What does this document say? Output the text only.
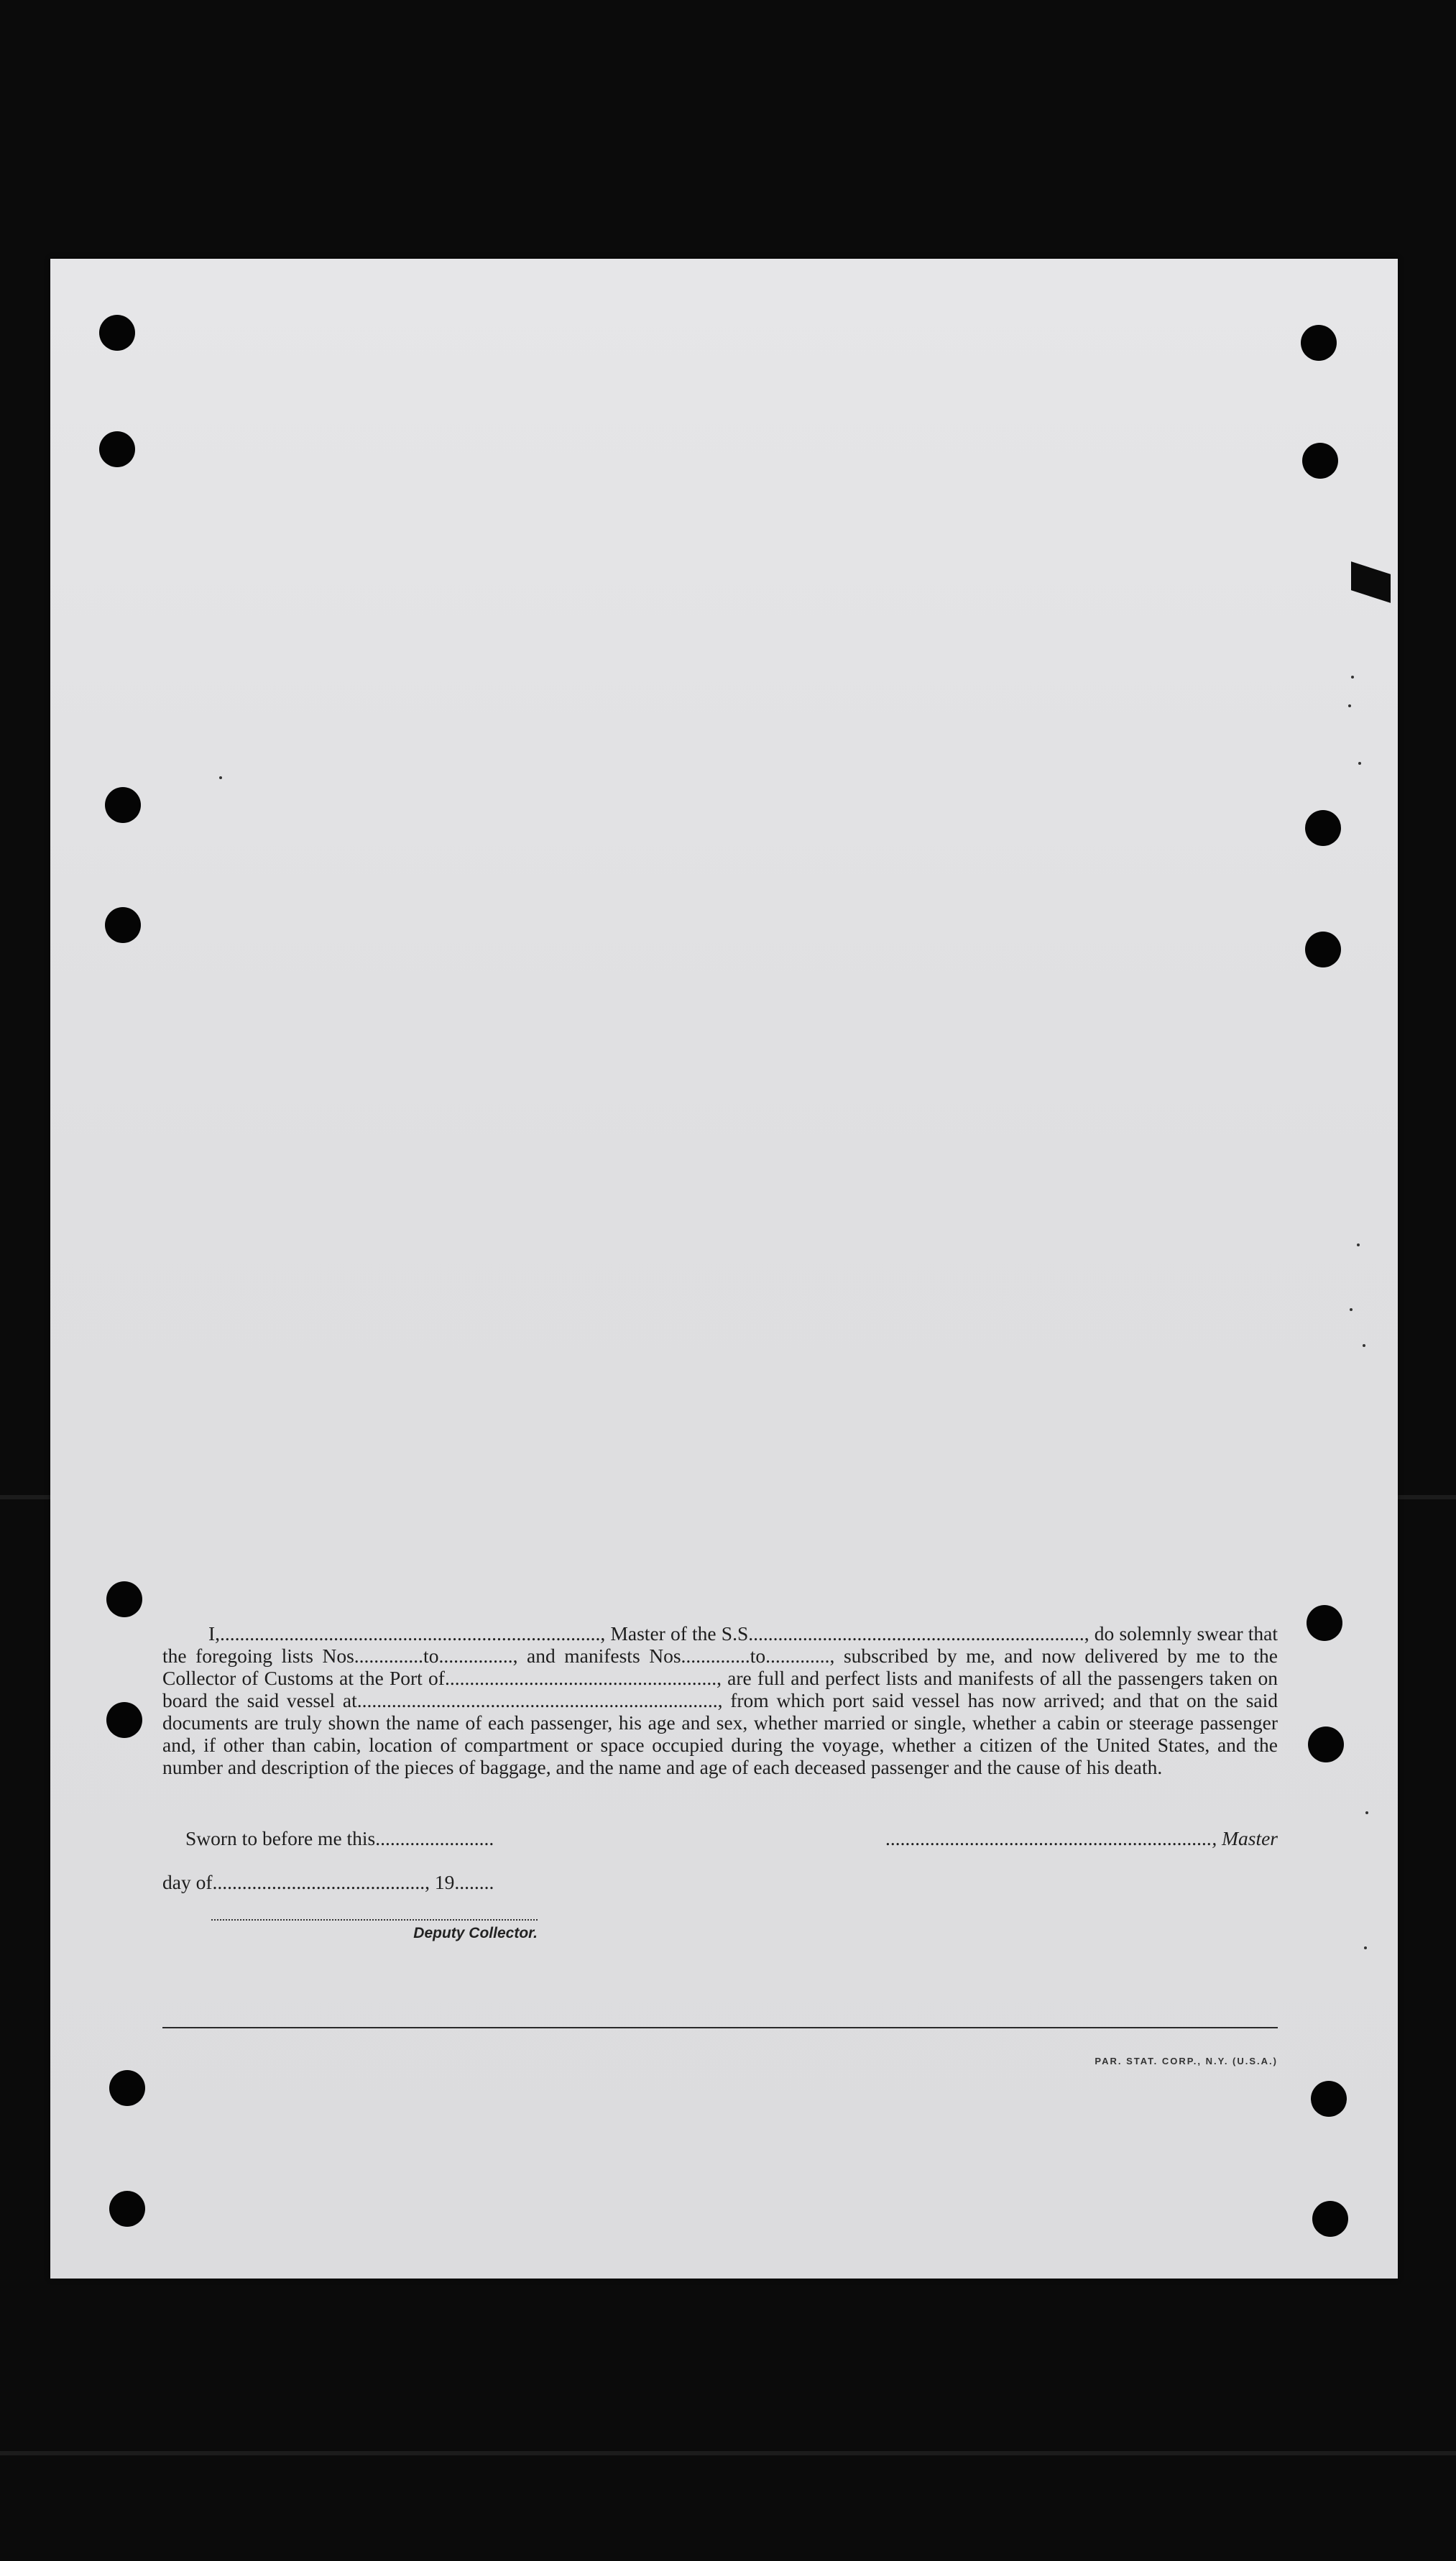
I,............................................................................., Master of the S.S...................................................................., do solemnly swear that the foregoing lists Nos..............to..............., and manifests Nos..............to............., subscribed by me, and now delivered by me to the Collector of Customs at the Port of......................................................., are full and perfect lists and manifests of all the passengers taken on board the said vessel at........................................................................., from which port said vessel has now arrived; and that on the said documents are truly shown the name of each passenger, his age and sex, whether married or single, whether a cabin or steerage passenger and, if other than cabin, location of compartment or space occupied during the voyage, whether a citizen of the United States, and the number and description of the pieces of baggage, and the name and age of each deceased passenger and the cause of his death.

Sworn to before me this........................	.................................................................., Master
day of..........................................., 19........
Deputy Collector.
PAR. STAT. CORP., N.Y. (U.S.A.)
